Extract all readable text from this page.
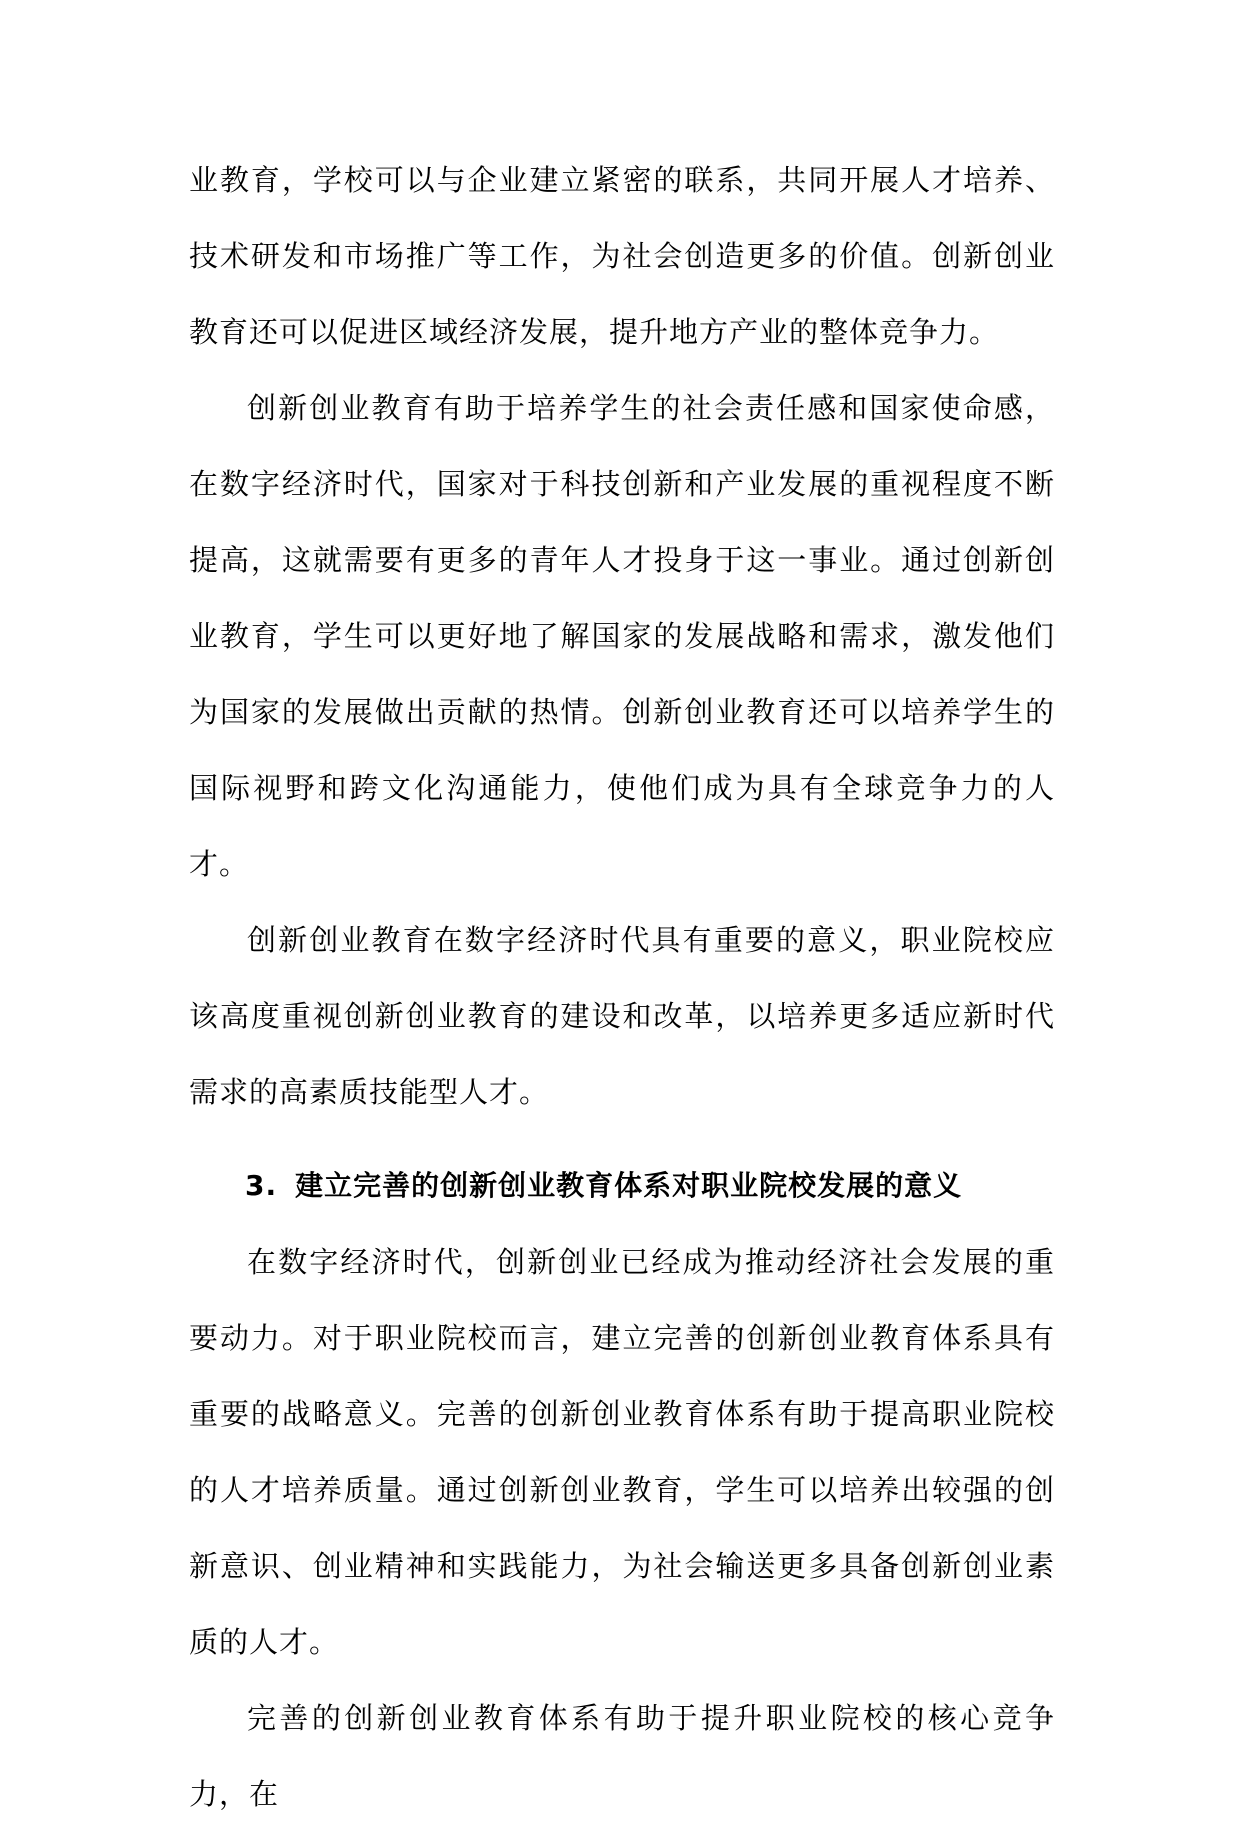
业教育，学校可以与企业建立紧密的联系，共同开展人才培养、技术研发和市场推广等工作，为社会创造更多的价值。创新创业教育还可以促进区域经济发展，提升地方产业的整体竞争力。

创新创业教育有助于培养学生的社会责任感和国家使命感，在数字经济时代，国家对于科技创新和产业发展的重视程度不断提高，这就需要有更多的青年人才投身于这一事业。通过创新创业教育，学生可以更好地了解国家的发展战略和需求，激发他们为国家的发展做出贡献的热情。创新创业教育还可以培养学生的国际视野和跨文化沟通能力，使他们成为具有全球竞争力的人才。

创新创业教育在数字经济时代具有重要的意义，职业院校应该高度重视创新创业教育的建设和改革，以培养更多适应新时代需求的高素质技能型人才。

3. 建立完善的创新创业教育体系对职业院校发展的意义

在数字经济时代，创新创业已经成为推动经济社会发展的重要动力。对于职业院校而言，建立完善的创新创业教育体系具有重要的战略意义。完善的创新创业教育体系有助于提高职业院校的人才培养质量。通过创新创业教育，学生可以培养出较强的创新意识、创业精神和实践能力，为社会输送更多具备创新创业素质的人才。

完善的创新创业教育体系有助于提升职业院校的核心竞争力，在
